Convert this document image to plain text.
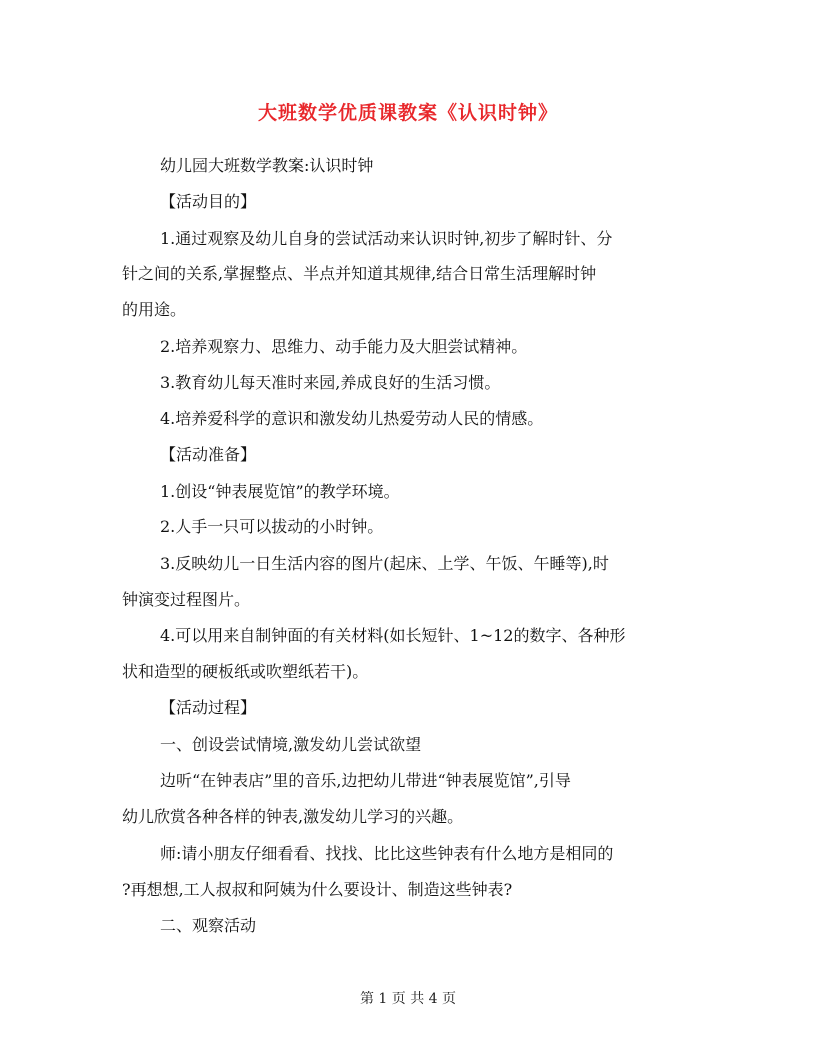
大班数学优质课教案《认识时钟》
幼儿园大班数学教案:认识时钟
【活动目的】
1.通过观察及幼儿自身的尝试活动来认识时钟,初步了解时针、分
针之间的关系,掌握整点、半点并知道其规律,结合日常生活理解时钟
的用途。
2.培养观察力、思维力、动手能力及大胆尝试精神。
3.教育幼儿每天准时来园,养成良好的生活习惯。
4.培养爱科学的意识和激发幼儿热爱劳动人民的情感。
【活动准备】
1.创设“钟表展览馆”的教学环境。
2.人手一只可以拔动的小时钟。
3.反映幼儿一日生活内容的图片(起床、上学、午饭、午睡等),时
钟演变过程图片。
4.可以用来自制钟面的有关材料(如长短针、1~12的数字、各种形
状和造型的硬板纸或吹塑纸若干)。
【活动过程】
一、创设尝试情境,激发幼儿尝试欲望
边听“在钟表店”里的音乐,边把幼儿带进“钟表展览馆”,引导
幼儿欣赏各种各样的钟表,激发幼儿学习的兴趣。
师:请小朋友仔细看看、找找、比比这些钟表有什么地方是相同的
?再想想,工人叔叔和阿姨为什么要设计、制造这些钟表?
二、观察活动
第 1 页 共 4 页
